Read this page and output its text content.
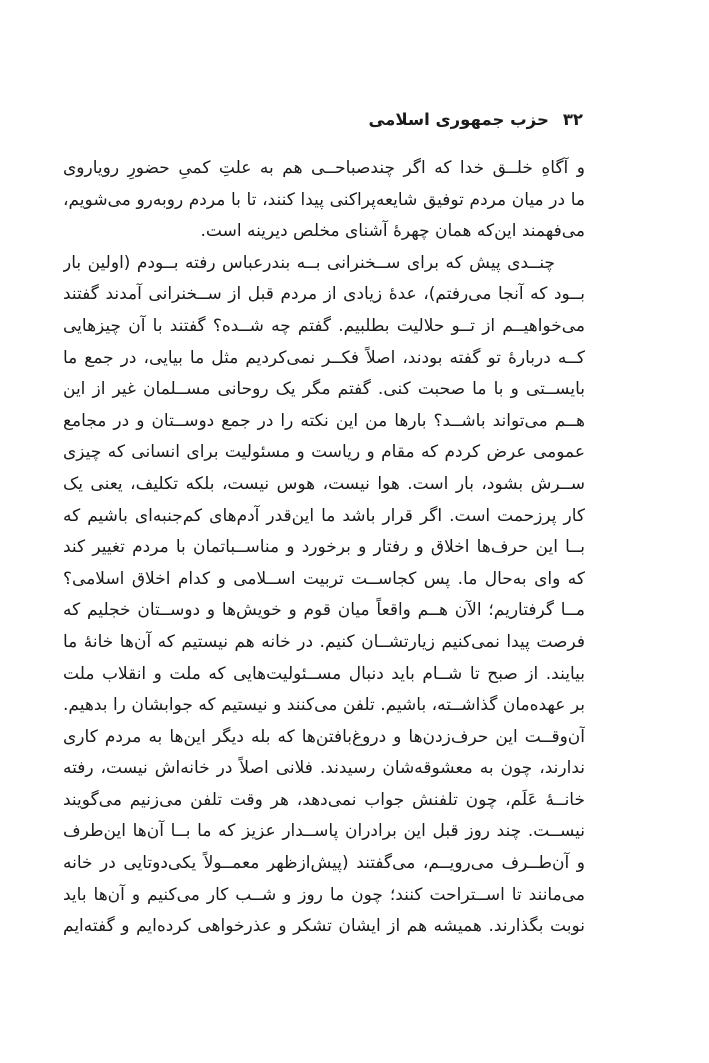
۳۲حزب جمهوری اسلامی
و آگاهِ خلــق خدا که اگر چندصباحــی هم به علتِ کمیِ حضورِ رویاروی
ما در میان مردم توفیق شایعه‌پراکنی پیدا کنند، تا با مردم روبه‌رو می‌شویم،
می‌فهمند این‌که همان چهرهٔ آشنای مخلص دیرینه است.
چنــدی پیش که برای ســخنرانی بــه بندرعباس رفته بــودم (اولین بار
بــود که آنجا می‌رفتم)، عدهٔ زیادی از مردم قبل از ســخنرانی آمدند گفتند
می‌خواهیــم از تــو حلالیت بطلبیم. گفتم چه شــده؟ گفتند با آن چیزهایی
کــه دربارهٔ تو گفته بودند، اصلاً فکــر نمی‌کردیم مثل ما بیایی، در جمع ما
بایســتی و با ما صحبت کنی. گفتم مگر یک روحانی مســلمان غیر از این
هــم می‌تواند باشــد؟ بارها من این نکته را در جمع دوســتان و در مجامع
عمومی عرض کردم که مقام و ریاست و مسئولیت برای انسانی که چیزی
ســرش بشود، بار است. هوا نیست، هوس نیست، بلکه تکلیف، یعنی یک
کار پرزحمت است. اگر قرار باشد ما این‌قدر آدم‌های کم‌جنبه‌ای باشیم که
بــا این حرف‌ها اخلاق و رفتار و برخورد و مناســباتمان با مردم تغییر کند
که وای به‌حال ما. پس کجاســت تربیت اســلامی و کدام اخلاق اسلامی؟
مــا گرفتاریم؛ الآن هــم واقعاً میان قوم و خویش‌ها و دوســتان خجلیم که
فرصت پیدا نمی‌کنیم زیارتشــان کنیم. در خانه هم نیستیم که آن‌ها خانهٔ ما
بیایند. از صبح تا شــام باید دنبال مســئولیت‌هایی که ملت و انقلاب ملت
بر عهده‌مان گذاشــته، باشیم. تلفن می‌کنند و نیستیم که جوابشان را بدهیم.
آن‌وقــت این حرف‌زدن‌ها و دروغ‌بافتن‌ها که بله دیگر این‌ها به مردم کاری
ندارند، چون به معشوقه‌شان رسیدند. فلانی اصلاً در خانه‌اش نیست، رفته
خانــهٔ عَلَم، چون تلفنش جواب نمی‌دهد، هر وقت تلفن می‌زنیم می‌گویند
نیســت. چند روز قبل این برادران پاســدار عزیز که ما بــا آن‌ها این‌طرف
و آن‌طــرف می‌رویــم، می‌گفتند (پیش‌ازظهر معمــولاً یکی‌دوتایی در خانه
می‌مانند تا اســتراحت کنند؛ چون ما روز و شــب کار می‌کنیم و آن‌ها باید
نوبت بگذارند. همیشه هم از ایشان تشکر و عذرخواهی کرده‌ایم و گفته‌ایم
